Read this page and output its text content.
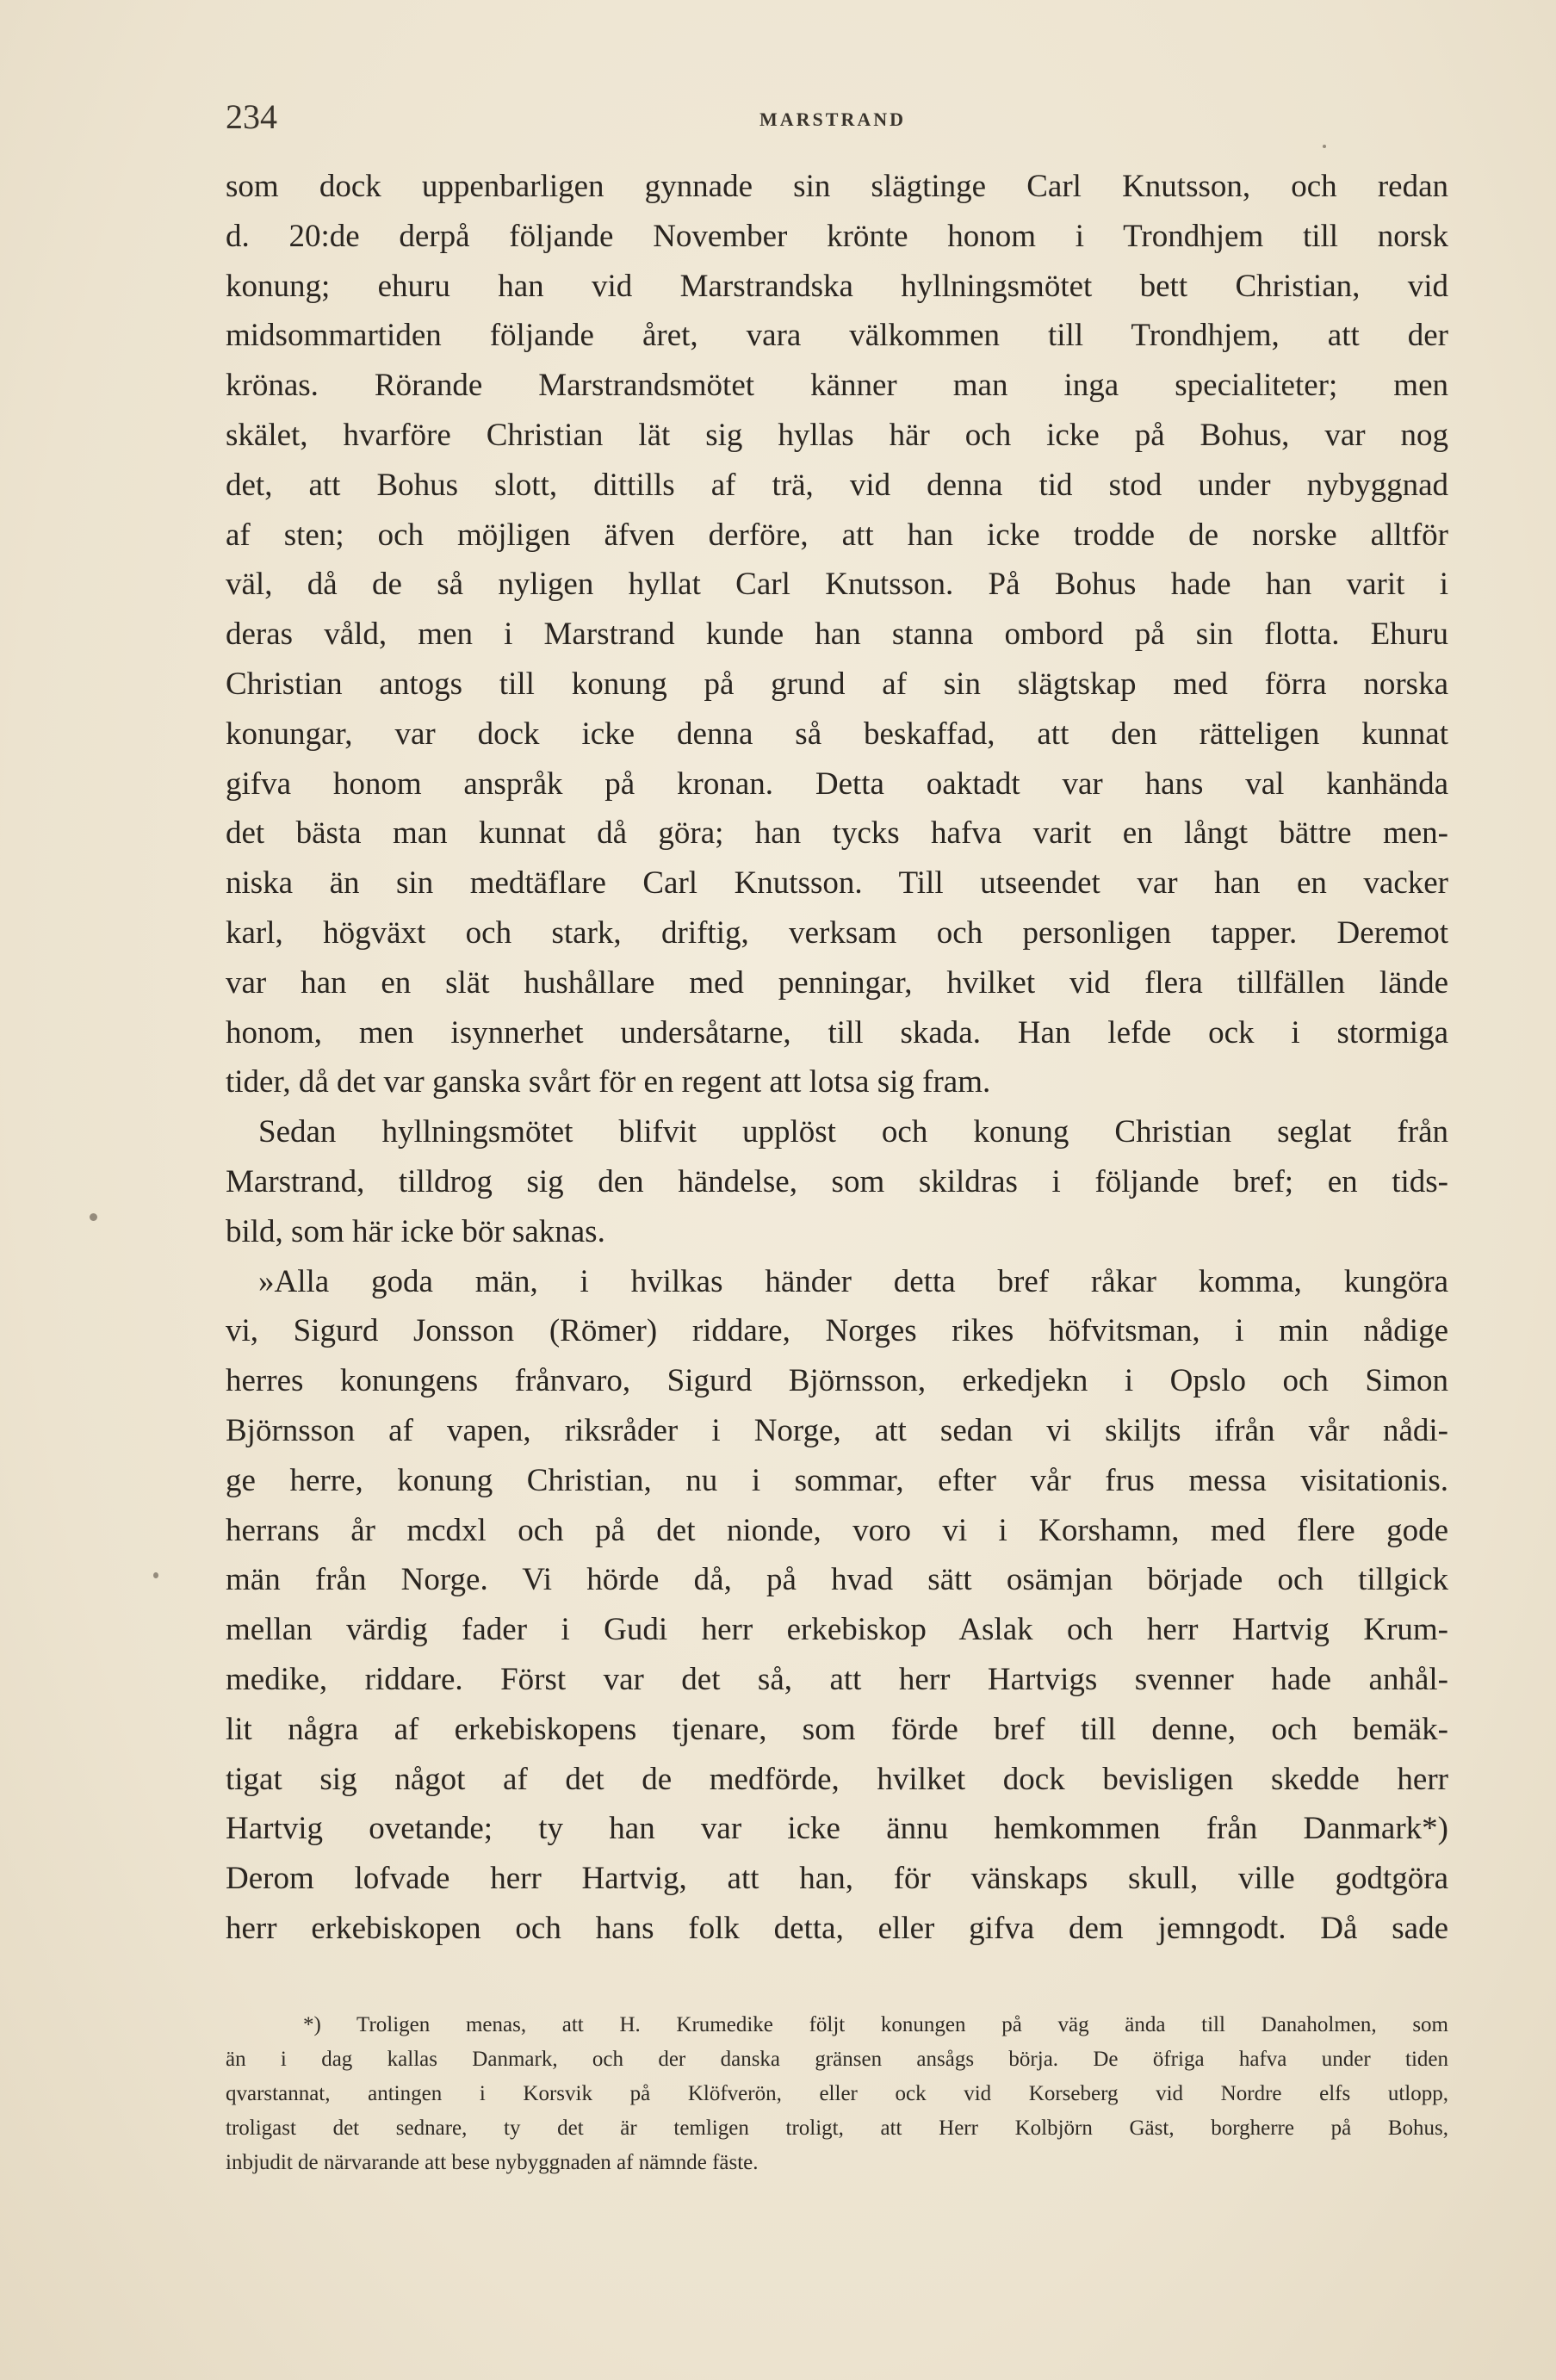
234	MARSTRAND
som dock uppenbarligen gynnade sin slägtinge Carl Knutsson, och redan
d. 20:de derpå följande November krönte honom i Trondhjem till norsk
konung; ehuru han vid Marstrandska hyllningsmötet bett Christian, vid
midsommartiden följande året, vara välkommen till Trondhjem, att der
krönas. Rörande Marstrandsmötet känner man inga specialiteter; men
skälet, hvarföre Christian lät sig hyllas här och icke på Bohus, var nog
det, att Bohus slott, dittills af trä, vid denna tid stod under nybyggnad
af sten; och möjligen äfven derföre, att han icke trodde de norske alltför
väl, då de så nyligen hyllat Carl Knutsson. På Bohus hade han varit i
deras våld, men i Marstrand kunde han stanna ombord på sin flotta. Ehuru
Christian antogs till konung på grund af sin slägtskap med förra norska
konungar, var dock icke denna så beskaffad, att den rätteligen kunnat
gifva honom anspråk på kronan. Detta oaktadt var hans val kanhända
det bästa man kunnat då göra; han tycks hafva varit en långt bättre men-
niska än sin medtäflare Carl Knutsson. Till utseendet var han en vacker
karl, högväxt och stark, driftig, verksam och personligen tapper. Deremot
var han en slät hushållare med penningar, hvilket vid flera tillfällen lände
honom, men isynnerhet undersåtarne, till skada. Han lefde ock i stormiga
tider, då det var ganska svårt för en regent att lotsa sig fram.
Sedan hyllningsmötet blifvit upplöst och konung Christian seglat från
Marstrand, tilldrog sig den händelse, som skildras i följande bref; en tids-
bild, som här icke bör saknas.
»Alla goda män, i hvilkas händer detta bref råkar komma, kungöra
vi, Sigurd Jonsson (Römer) riddare, Norges rikes höfvitsman, i min nådige
herres konungens frånvaro, Sigurd Björnsson, erkedjekn i Opslo och Simon
Björnsson af vapen, riksråder i Norge, att sedan vi skiljts ifrån vår nådi-
ge herre, konung Christian, nu i sommar, efter vår frus messa visitationis.
herrans år mcdxl och på det nionde, voro vi i Korshamn, med flere gode
män från Norge. Vi hörde då, på hvad sätt osämjan började och tillgick
mellan värdig fader i Gudi herr erkebiskop Aslak och herr Hartvig Krum-
medike, riddare. Först var det så, att herr Hartvigs svenner hade anhål-
lit några af erkebiskopens tjenare, som förde bref till denne, och bemäk-
tigat sig något af det de medförde, hvilket dock bevisligen skedde herr
Hartvig ovetande; ty han var icke ännu hemkommen från Danmark*)
Derom lofvade herr Hartvig, att han, för vänskaps skull, ville godtgöra
herr erkebiskopen och hans folk detta, eller gifva dem jemngodt. Då sade
*) Troligen menas, att H. Krumedike följt konungen på väg ända till Danaholmen, som
än i dag kallas Danmark, och der danska gränsen ansågs börja. De öfriga hafva under tiden
qvarstannat, antingen i Korsvik på Klöfverön, eller ock vid Korseberg vid Nordre elfs utlopp,
troligast det sednare, ty det är temligen troligt, att Herr Kolbjörn Gäst, borgherre på Bohus,
inbjudit de närvarande att bese nybyggnaden af nämnde fäste.
